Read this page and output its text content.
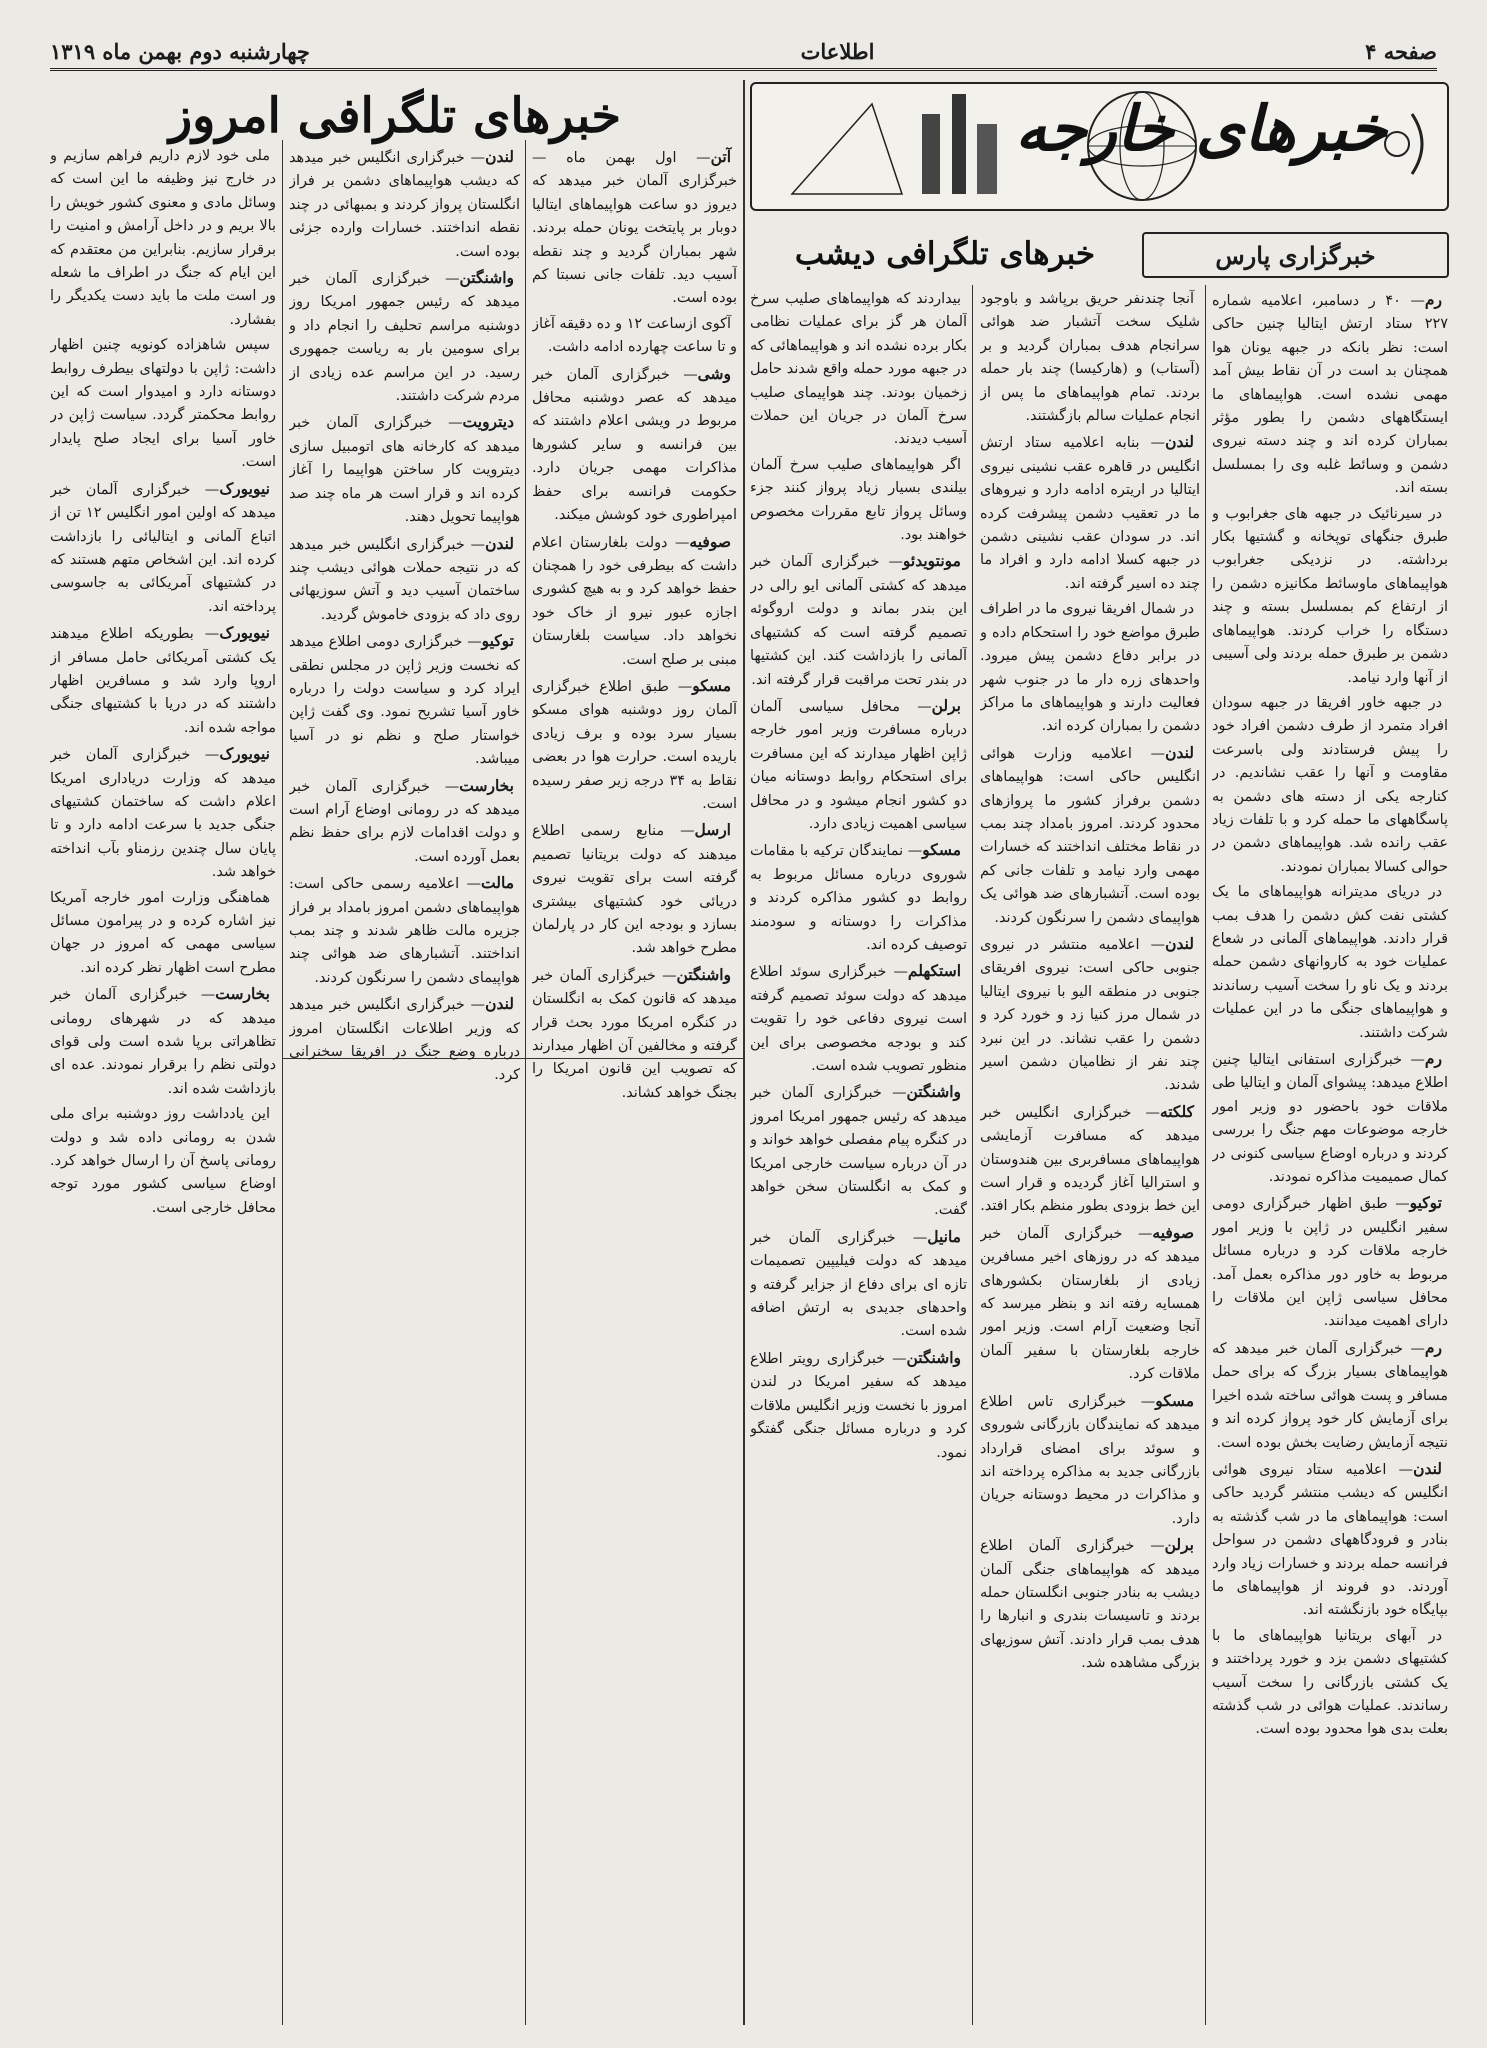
صفحه ۴
اطلاعات
چهارشنبه دوم بهمن ماه ۱۳۱۹
خبرهای خارجه
خبرگزاری پارس
خبرهای تلگرافی دیشب
خبرهای تلگرافی امروز

رم— ۴۰ ر دسامبر، اعلامیه شماره ۲۲۷ ستاد ارتش ایتالیا چنین حاکی است: نظر بانکه در جبهه یونان هوا همچنان بد است در آن نقاط بیش آمد مهمی نشده است. هواپیماهای ما ایستگاههای دشمن را بطور مؤثر بمباران کرده اند و چند دسته نیروی دشمن و وسائط غلبه وی را بمسلسل بسته اند.

در سیرنائیک در جبهه های جغرابوب و طبرق جنگهای توپخانه و گشتیها بکار برداشته. در نزدیکی جغرابوب هواپیماهای ماوسائط مکانیزه دشمن را از ارتفاع کم بمسلسل بسته و چند دستگاه را خراب کردند. هواپیماهای دشمن بر طبرق حمله بردند ولی آسیبی از آنها وارد نیامد.

در جبهه خاور افریقا در جبهه سودان افراد متمرد از طرف دشمن افراد خود را پیش فرستادند ولی باسرعت مقاومت و آنها را عقب نشاندیم. در کنارجه یکی از دسته های دشمن به پاسگاههای ما حمله کرد و با تلفات زیاد عقب رانده شد. هواپیماهای دشمن در حوالی کسالا بمباران نمودند.

در دریای مدیترانه هواپیماهای ما یک کشتی نفت کش دشمن را هدف بمب قرار دادند. هواپیماهای آلمانی در شعاع عملیات خود به کاروانهای دشمن حمله بردند و یک ناو را سخت آسیب رساندند و هواپیماهای جنگی ما در این عملیات شرکت داشتند.

رم— خبرگزاری استفانی ایتالیا چنین اطلاع میدهد: پیشوای آلمان و ایتالیا طی ملاقات خود باحضور دو وزیر امور خارجه موضوعات مهم جنگ را بررسی کردند و درباره اوضاع سیاسی کنونی در کمال صمیمیت مذاکره نمودند.

توکیو— طبق اظهار خبرگزاری دومی سفیر انگلیس در ژاپن با وزیر امور خارجه ملاقات کرد و درباره مسائل مربوط به خاور دور مذاکره بعمل آمد. محافل سیاسی ژاپن این ملاقات را دارای اهمیت میدانند.

رم— خبرگزاری آلمان خبر میدهد که هواپیماهای بسیار بزرگ که برای حمل مسافر و پست هوائی ساخته شده اخیرا برای آزمایش کار خود پرواز کرده اند و نتیجه آزمایش رضایت بخش بوده است.

لندن— اعلامیه ستاد نیروی هوائی انگلیس که دیشب منتشر گردید حاکی است: هواپیماهای ما در شب گذشته به بنادر و فرودگاههای دشمن در سواحل فرانسه حمله بردند و خسارات زیاد وارد آوردند. دو فروند از هواپیماهای ما بپایگاه خود بازنگشته اند.

در آبهای بریتانیا هواپیماهای ما با کشتیهای دشمن بزد و خورد پرداختند و یک کشتی بازرگانی را سخت آسیب رساندند. عملیات هوائی در شب گذشته بعلت بدی هوا محدود بوده است.

آنجا چندنفر حریق برپاشد و باوجود شلیک سخت آتشبار ضد هوائی سرانجام هدف بمباران گردید و بر (آستاب) و (هارکیسا) چند بار حمله بردند. تمام هواپیماهای ما پس از انجام عملیات سالم بازگشتند.

لندن— بنابه اعلامیه ستاد ارتش انگلیس در قاهره عقب نشینی نیروی ایتالیا در اریتره ادامه دارد و نیروهای ما در تعقیب دشمن پیشرفت کرده اند. در سودان عقب نشینی دشمن در جبهه کسلا ادامه دارد و افراد ما چند ده اسیر گرفته اند.

در شمال افریقا نیروی ما در اطراف طبرق مواضع خود را استحکام داده و در برابر دفاع دشمن پیش میرود. واحدهای زره دار ما در جنوب شهر فعالیت دارند و هواپیماهای ما مراکز دشمن را بمباران کرده اند.

لندن— اعلامیه وزارت هوائی انگلیس حاکی است: هواپیماهای دشمن برفراز کشور ما پروازهای محدود کردند. امروز بامداد چند بمب در نقاط مختلف انداختند که خسارات مهمی وارد نیامد و تلفات جانی کم بوده است. آتشبارهای ضد هوائی یک هواپیمای دشمن را سرنگون کردند.

لندن— اعلامیه منتشر در نیروی جنوبی حاکی است: نیروی افریقای جنوبی در منطقه الیو با نیروی ایتالیا در شمال مرز کنیا زد و خورد کرد و دشمن را عقب نشاند. در این نبرد چند نفر از نظامیان دشمن اسیر شدند.

کلکته— خبرگزاری انگلیس خبر میدهد که مسافرت آزمایشی هواپیماهای مسافربری بین هندوستان و استرالیا آغاز گردیده و قرار است این خط بزودی بطور منظم بکار افتد.

صوفیه— خبرگزاری آلمان خبر میدهد که در روزهای اخیر مسافرین زیادی از بلغارستان بکشورهای همسایه رفته اند و بنظر میرسد که آنجا وضعیت آرام است. وزیر امور خارجه بلغارستان با سفیر آلمان ملاقات کرد.

مسکو— خبرگزاری تاس اطلاع میدهد که نمایندگان بازرگانی شوروی و سوئد برای امضای قرارداد بازرگانی جدید به مذاکره پرداخته اند و مذاکرات در محیط دوستانه جریان دارد.

برلن— خبرگزاری آلمان اطلاع میدهد که هواپیماهای جنگی آلمان دیشب به بنادر جنوبی انگلستان حمله بردند و تاسیسات بندری و انبارها را هدف بمب قرار دادند. آتش سوزیهای بزرگی مشاهده شد.

بیداردند که هواپیماهای صلیب سرخ آلمان هر گز برای عملیات نظامی بکار برده نشده اند و هواپیماهائی که در جبهه مورد حمله واقع شدند حامل زخمیان بودند. چند هواپیمای صلیب سرخ آلمان در جریان این حملات آسیب دیدند.

اگر هواپیماهای صلیب سرخ آلمان بیلندی بسیار زیاد پرواز کنند جزء وسائل پرواز تابع مقررات مخصوص خواهند بود.

مونتویدئو— خبرگزاری آلمان خبر میدهد که کشتی آلمانی ایو رالی در این بندر بماند و دولت اروگوئه تصمیم گرفته است که کشتیهای آلمانی را بازداشت کند. این کشتیها در بندر تحت مراقبت قرار گرفته اند.

برلن— محافل سیاسی آلمان درباره مسافرت وزیر امور خارجه ژاپن اظهار میدارند که این مسافرت برای استحکام روابط دوستانه میان دو کشور انجام میشود و در محافل سیاسی اهمیت زیادی دارد.

مسکو— نمایندگان ترکیه با مقامات شوروی درباره مسائل مربوط به روابط دو کشور مذاکره کردند و مذاکرات را دوستانه و سودمند توصیف کرده اند.

استکهلم— خبرگزاری سوئد اطلاع میدهد که دولت سوئد تصمیم گرفته است نیروی دفاعی خود را تقویت کند و بودجه مخصوصی برای این منظور تصویب شده است.

واشنگتن— خبرگزاری آلمان خبر میدهد که رئیس جمهور امریکا امروز در کنگره پیام مفصلی خواهد خواند و در آن درباره سیاست خارجی امریکا و کمک به انگلستان سخن خواهد گفت.

مانیل— خبرگزاری آلمان خبر میدهد که دولت فیلیپین تصمیمات تازه ای برای دفاع از جزایر گرفته و واحدهای جدیدی به ارتش اضافه شده است.

واشنگتن— خبرگزاری رویتر اطلاع میدهد که سفیر امریکا در لندن امروز با نخست وزیر انگلیس ملاقات کرد و درباره مسائل جنگی گفتگو نمود.

آتن— اول بهمن ماه — خبرگزاری آلمان خبر میدهد که دیروز دو ساعت هواپیماهای ایتالیا دوبار بر پایتخت یونان حمله بردند. شهر بمباران گردید و چند نقطه آسیب دید. تلفات جانی نسبتا کم بوده است.

آکوی ازساعت ۱۲ و ده دقیقه آغاز و تا ساعت چهارده ادامه داشت.

وشی— خبرگزاری آلمان خبر میدهد که عصر دوشنبه محافل مربوط در ویشی اعلام داشتند که بین فرانسه و سایر کشورها مذاکرات مهمی جریان دارد. حکومت فرانسه برای حفظ امپراطوری خود کوشش میکند.

صوفیه— دولت بلغارستان اعلام داشت که بیطرفی خود را همچنان حفظ خواهد کرد و به هیچ کشوری اجازه عبور نیرو از خاک خود نخواهد داد. سیاست بلغارستان مبنی بر صلح است.

مسکو— طبق اطلاع خبرگزاری آلمان روز دوشنبه هوای مسکو بسیار سرد بوده و برف زیادی باریده است. حرارت هوا در بعضی نقاط به ۳۴ درجه زیر صفر رسیده است.

ارسل— منابع رسمی اطلاع میدهند که دولت بریتانیا تصمیم گرفته است برای تقویت نیروی دریائی خود کشتیهای بیشتری بسازد و بودجه این کار در پارلمان مطرح خواهد شد.

واشنگتن— خبرگزاری آلمان خبر میدهد که قانون کمک به انگلستان در کنگره امریکا مورد بحث قرار گرفته و مخالفین آن اظهار میدارند که تصویب این قانون امریکا را بجنگ خواهد کشاند.

لندن— خبرگزاری انگلیس خبر میدهد که دیشب هواپیماهای دشمن بر فراز انگلستان پرواز کردند و بمبهائی در چند نقطه انداختند. خسارات وارده جزئی بوده است.

واشنگتن— خبرگزاری آلمان خبر میدهد که رئیس جمهور امریکا روز دوشنبه مراسم تحلیف را انجام داد و برای سومین بار به ریاست جمهوری رسید. در این مراسم عده زیادی از مردم شرکت داشتند.

دیترویت— خبرگزاری آلمان خبر میدهد که کارخانه های اتومبیل سازی دیترویت کار ساختن هواپیما را آغاز کرده اند و قرار است هر ماه چند صد هواپیما تحویل دهند.

لندن— خبرگزاری انگلیس خبر میدهد که در نتیجه حملات هوائی دیشب چند ساختمان آسیب دید و آتش سوزیهائی روی داد که بزودی خاموش گردید.

توکیو— خبرگزاری دومی اطلاع میدهد که نخست وزیر ژاپن در مجلس نطقی ایراد کرد و سیاست دولت را درباره خاور آسیا تشریح نمود. وی گفت ژاپن خواستار صلح و نظم نو در آسیا میباشد.

بخارست— خبرگزاری آلمان خبر میدهد که در رومانی اوضاع آرام است و دولت اقدامات لازم برای حفظ نظم بعمل آورده است.

مالت— اعلامیه رسمی حاکی است: هواپیماهای دشمن امروز بامداد بر فراز جزیره مالت ظاهر شدند و چند بمب انداختند. آتشبارهای ضد هوائی چند هواپیمای دشمن را سرنگون کردند.

لندن— خبرگزاری انگلیس خبر میدهد که وزیر اطلاعات انگلستان امروز درباره وضع جنگ در افریقا سخنرانی کرد.

ملی خود لازم داریم فراهم سازیم و در خارج نیز وظیفه ما این است که وسائل مادی و معنوی کشور خویش را بالا بریم و در داخل آرامش و امنیت را برقرار سازیم. بنابراین من معتقدم که این ایام که جنگ در اطراف ما شعله ور است ملت ما باید دست یکدیگر را بفشارد.

سپس شاهزاده کونویه چنین اظهار داشت: ژاپن با دولتهای بیطرف روابط دوستانه دارد و امیدوار است که این روابط محکمتر گردد. سیاست ژاپن در خاور آسیا برای ایجاد صلح پایدار است.

نیویورک— خبرگزاری آلمان خبر میدهد که اولین امور انگلیس ۱۲ تن از اتباع آلمانی و ایتالیائی را بازداشت کرده اند. این اشخاص متهم هستند که در کشتیهای آمریکائی به جاسوسی پرداخته اند.

نیویورک— بطوریکه اطلاع میدهند یک کشتی آمریکائی حامل مسافر از اروپا وارد شد و مسافرین اظهار داشتند که در دریا با کشتیهای جنگی مواجه شده اند.

نیویورک— خبرگزاری آلمان خبر میدهد که وزارت دریاداری امریکا اعلام داشت که ساختمان کشتیهای جنگی جدید با سرعت ادامه دارد و تا پایان سال چندین رزمناو بآب انداخته خواهد شد.

هماهنگی وزارت امور خارجه آمریکا نیز اشاره کرده و در پیرامون مسائل سیاسی مهمی که امروز در جهان مطرح است اظهار نظر کرده اند.

بخارست— خبرگزاری آلمان خبر میدهد که در شهرهای رومانی تظاهراتی برپا شده است ولی قوای دولتی نظم را برقرار نمودند. عده ای بازداشت شده اند.

این یادداشت روز دوشنبه برای ملی شدن به رومانی داده شد و دولت رومانی پاسخ آن را ارسال خواهد کرد. اوضاع سیاسی کشور مورد توجه محافل خارجی است.
